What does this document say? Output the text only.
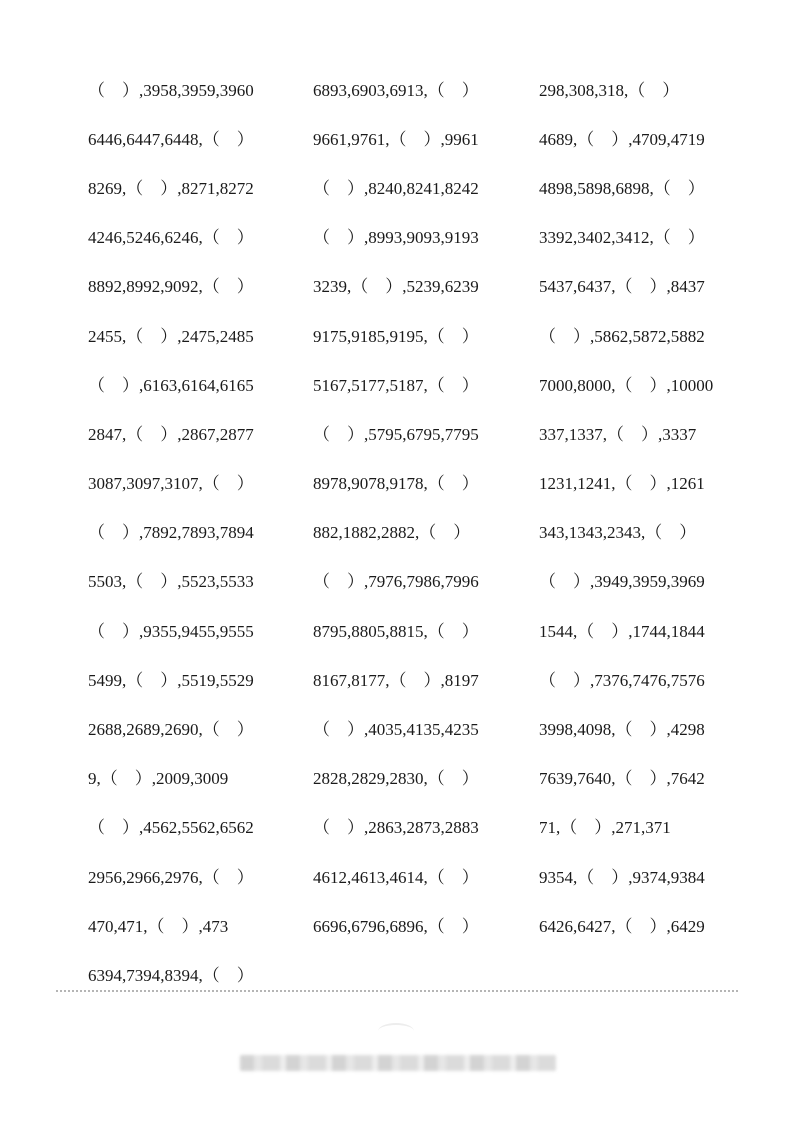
（　）,3958,3959,3960	6893,6903,6913,（　）	298,308,318,（　）
6446,6447,6448,（　）	9661,9761,（　）,9961	4689,（　）,4709,4719
8269,（　）,8271,8272	（　）,8240,8241,8242	4898,5898,6898,（　）
4246,5246,6246,（　）	（　）,8993,9093,9193	3392,3402,3412,（　）
8892,8992,9092,（　）	3239,（　）,5239,6239	5437,6437,（　）,8437
2455,（　）,2475,2485	9175,9185,9195,（　）	（　）,5862,5872,5882
（　）,6163,6164,6165	5167,5177,5187,（　）	7000,8000,（　）,10000
2847,（　）,2867,2877	（　）,5795,6795,7795	337,1337,（　）,3337
3087,3097,3107,（　）	8978,9078,9178,（　）	1231,1241,（　）,1261
（　）,7892,7893,7894	882,1882,2882,（　）	343,1343,2343,（　）
5503,（　）,5523,5533	（　）,7976,7986,7996	（　）,3949,3959,3969
（　）,9355,9455,9555	8795,8805,8815,（　）	1544,（　）,1744,1844
5499,（　）,5519,5529	8167,8177,（　）,8197	（　）,7376,7476,7576
2688,2689,2690,（　）	（　）,4035,4135,4235	3998,4098,（　）,4298
9,（　）,2009,3009	2828,2829,2830,（　）	7639,7640,（　）,7642
（　）,4562,5562,6562	（　）,2863,2873,2883	71,（　）,271,371
2956,2966,2976,（　）	4612,4613,4614,（　）	9354,（　）,9374,9384
470,471,（　）,473	6696,6796,6896,（　）	6426,6427,（　）,6429
6394,7394,8394,（　）
